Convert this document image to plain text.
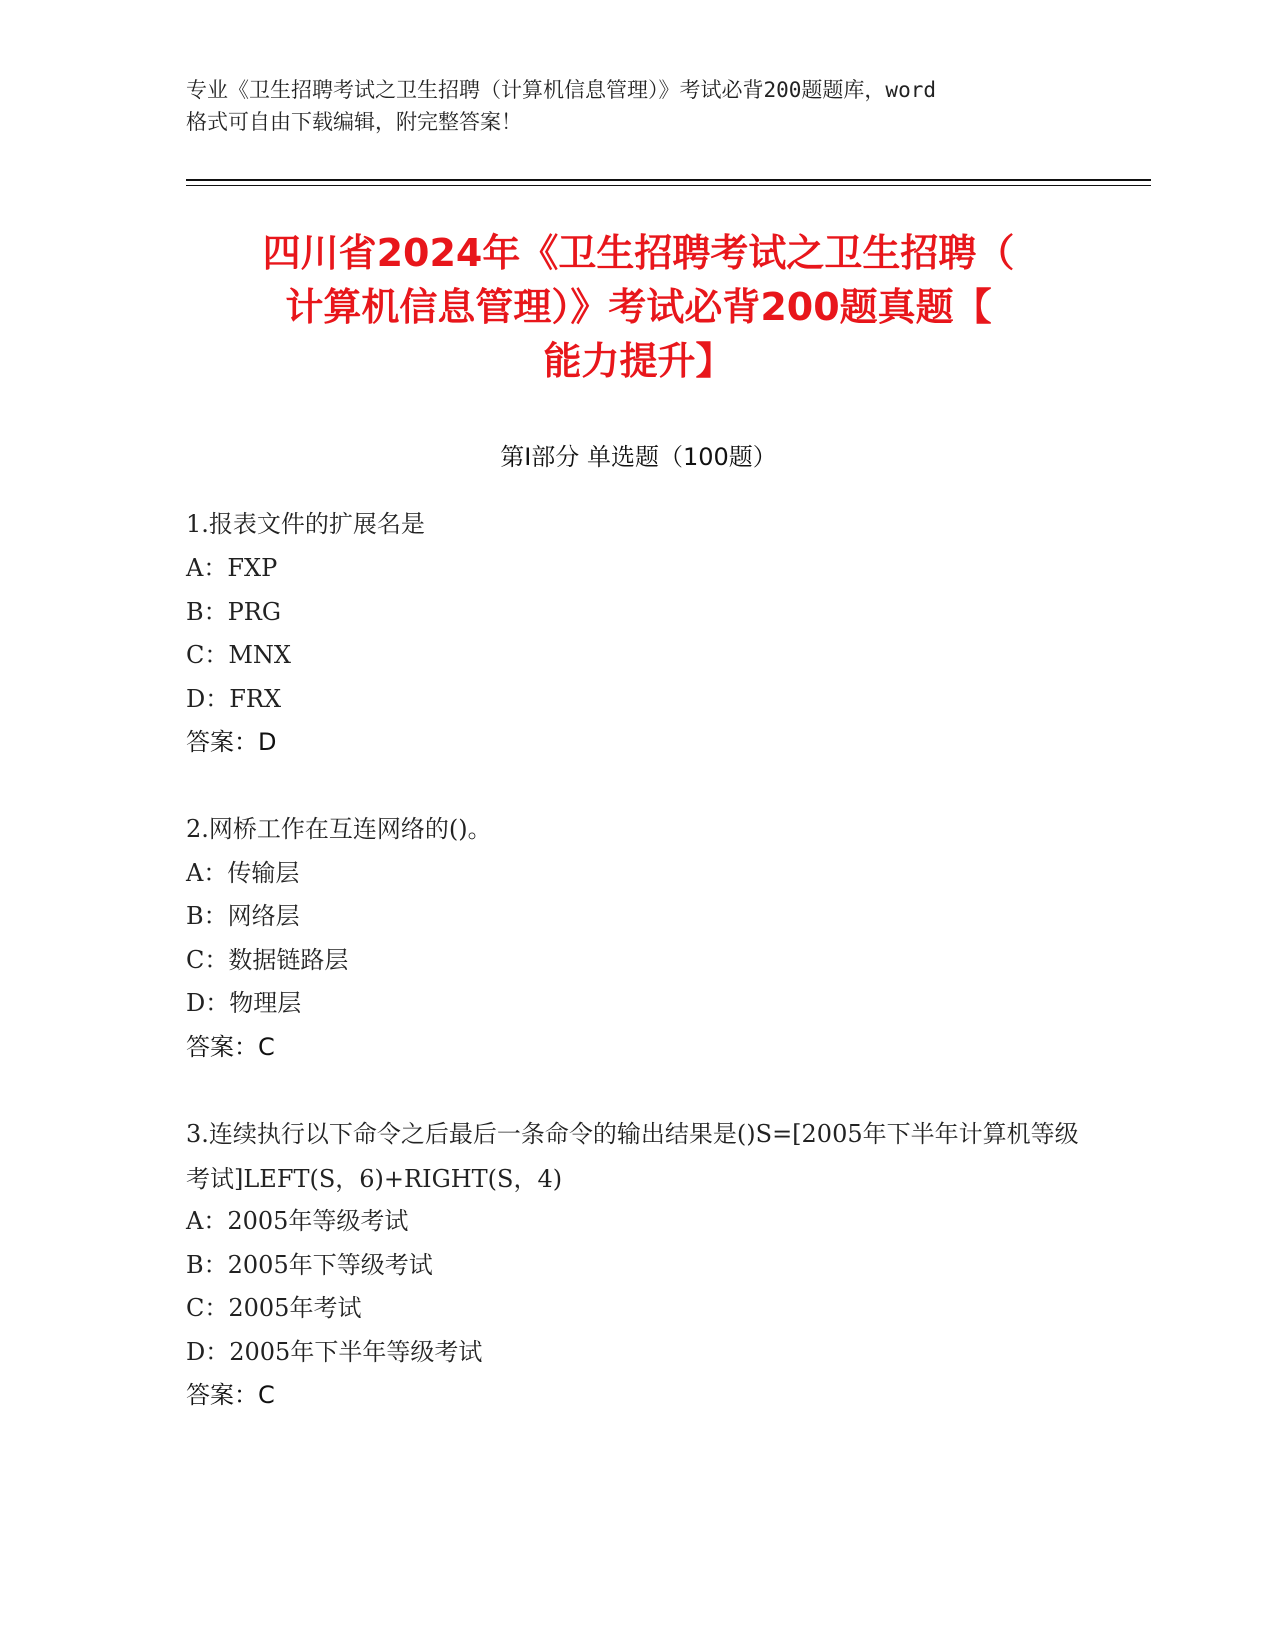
专业《卫生招聘考试之卫生招聘（计算机信息管理）》考试必背200题题库，word
格式可自由下载编辑，附完整答案！
四川省2024年《卫生招聘考试之卫生招聘（
计算机信息管理）》考试必背200题真题【
能力提升】
第Ⅰ部分 单选题（100题）
1.报表文件的扩展名是
A：FXP
B：PRG
C：MNX
D：FRX
答案：D
2.网桥工作在互连网络的()。
A：传输层
B：网络层
C：数据链路层
D：物理层
答案：C
3.连续执行以下命令之后最后一条命令的输出结果是()S=[2005年下半年计算机等级考试]LEFT(S，6)+RIGHT(S，4)
A：2005年等级考试
B：2005年下等级考试
C：2005年考试
D：2005年下半年等级考试
答案：C
